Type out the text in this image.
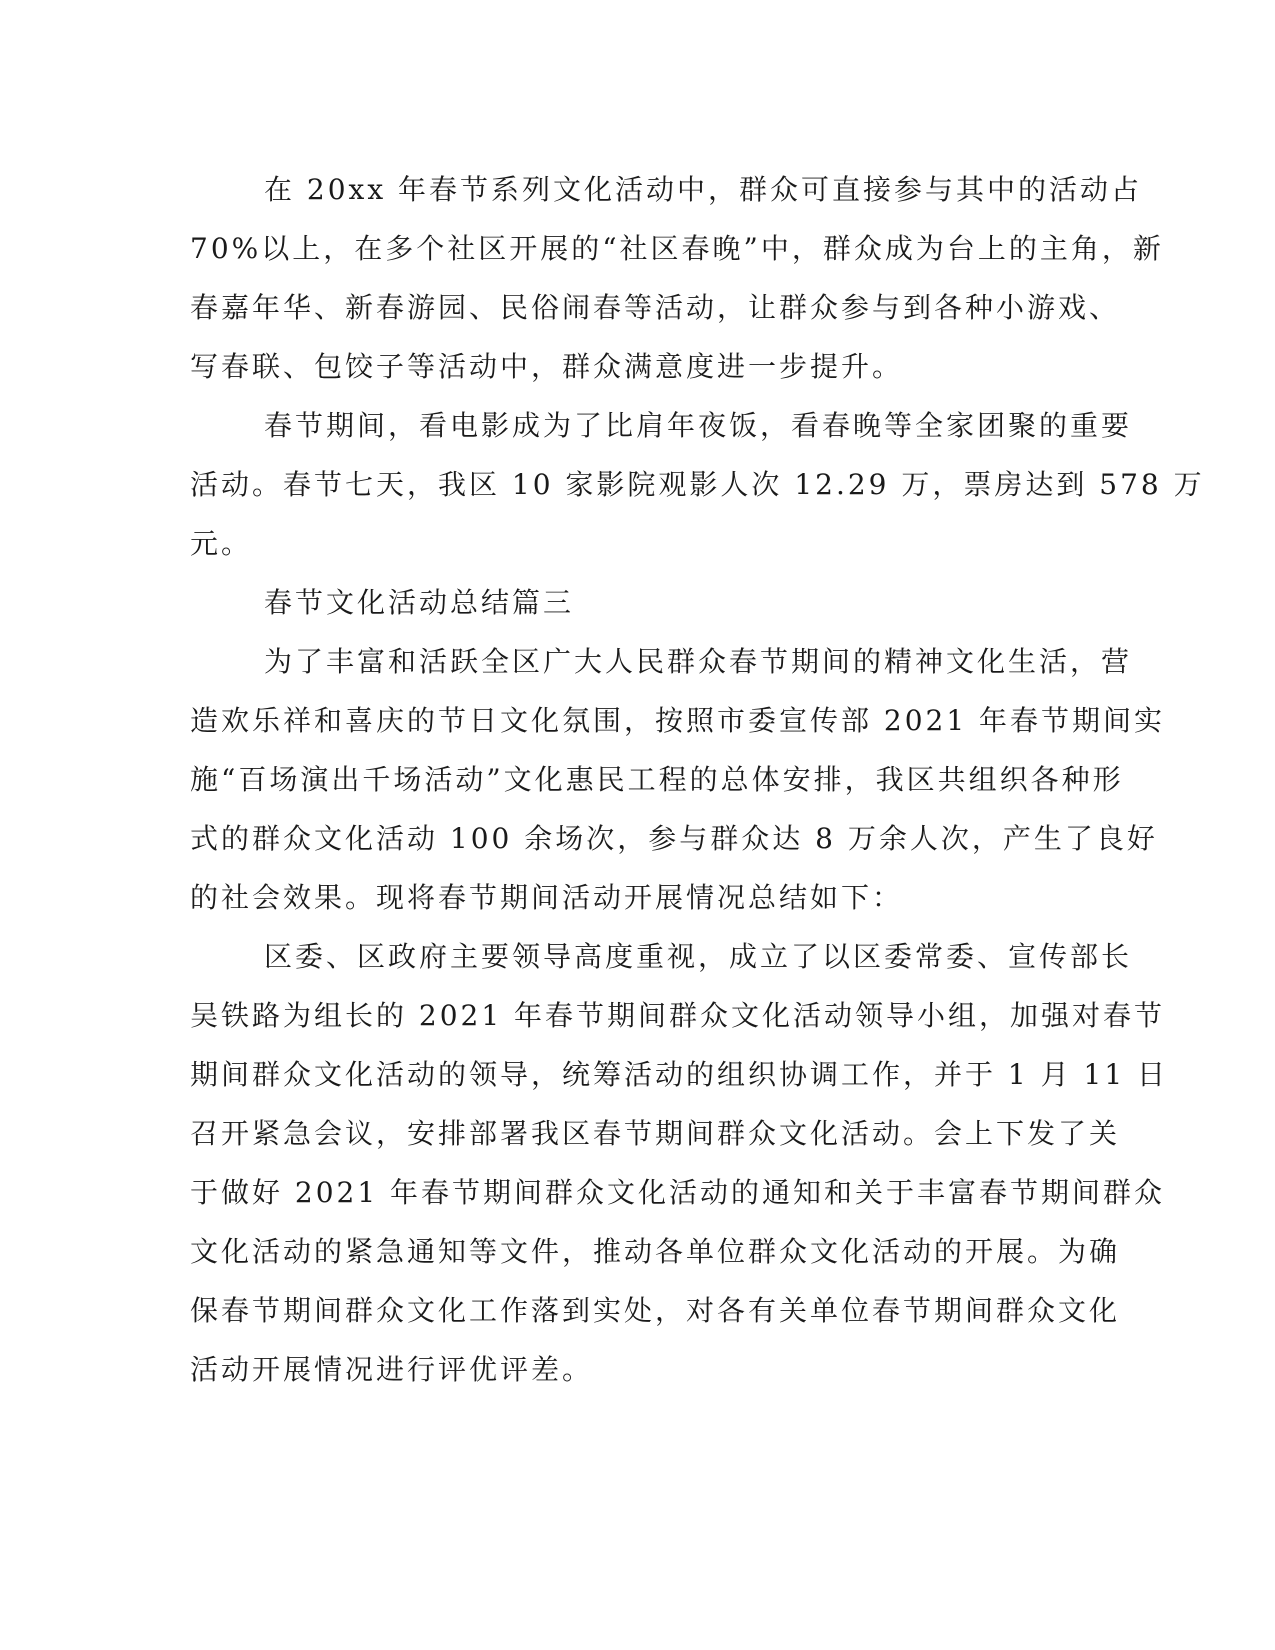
在 20xx 年春节系列文化活动中，群众可直接参与其中的活动占
70%以上，在多个社区开展的“社区春晚”中，群众成为台上的主角，新
春嘉年华、新春游园、民俗闹春等活动，让群众参与到各种小游戏、
写春联、包饺子等活动中，群众满意度进一步提升。

春节期间，看电影成为了比肩年夜饭，看春晚等全家团聚的重要
活动。春节七天，我区 10 家影院观影人次 12.29 万，票房达到 578 万
元。

春节文化活动总结篇三

为了丰富和活跃全区广大人民群众春节期间的精神文化生活，营
造欢乐祥和喜庆的节日文化氛围，按照市委宣传部 2021 年春节期间实
施“百场演出千场活动”文化惠民工程的总体安排，我区共组织各种形
式的群众文化活动 100 余场次，参与群众达 8 万余人次，产生了良好
的社会效果。现将春节期间活动开展情况总结如下：

区委、区政府主要领导高度重视，成立了以区委常委、宣传部长
吴铁路为组长的 2021 年春节期间群众文化活动领导小组，加强对春节
期间群众文化活动的领导，统筹活动的组织协调工作，并于 1 月 11 日
召开紧急会议，安排部署我区春节期间群众文化活动。会上下发了关
于做好 2021 年春节期间群众文化活动的通知和关于丰富春节期间群众
文化活动的紧急通知等文件，推动各单位群众文化活动的开展。为确
保春节期间群众文化工作落到实处，对各有关单位春节期间群众文化
活动开展情况进行评优评差。
